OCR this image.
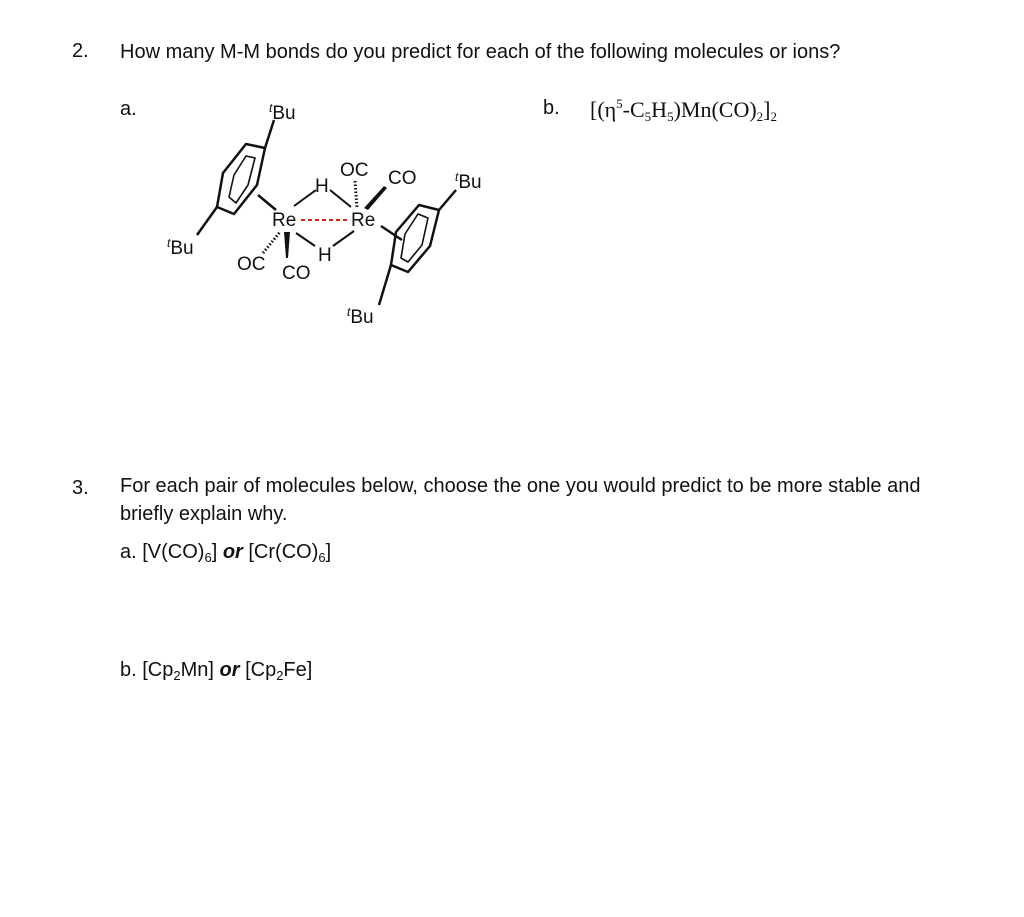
2. How many M-M bonds do you predict for each of the following molecules or ions?
a.	b. $[(\eta^5-C_5H_5)Mn(CO)_2]_2$
$^t$Bu
$^t$Bu
$^t$Bu
$^t$Bu
Re	Re
H
H
OC CO
OC CO
3. For each pair of molecules below, choose the one you would predict to be more stable and
briefly explain why.
a. $[V(CO)_6]$ or $[Cr(CO)_6]$
b. $[Cp_2Mn]$ or $[Cp_2Fe]$
